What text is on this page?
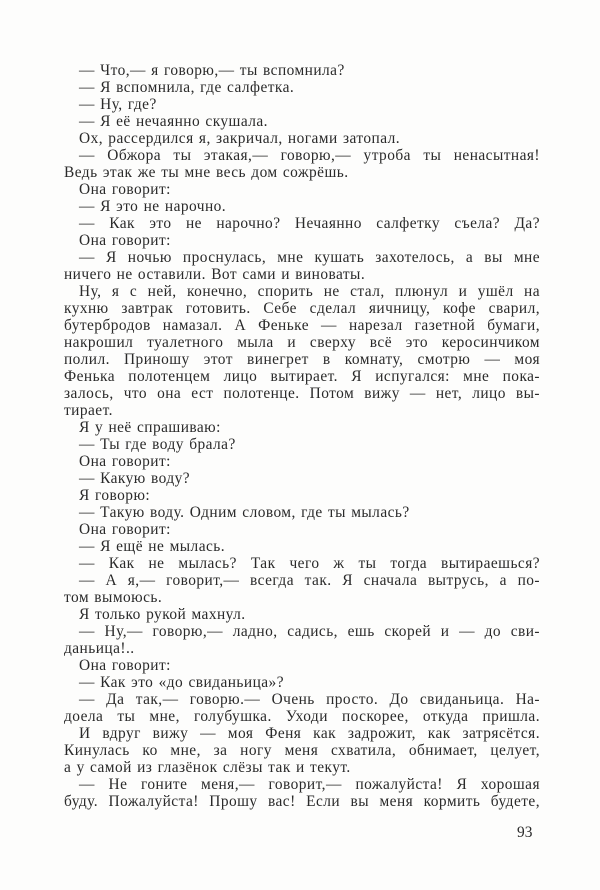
— Что,— я говорю,— ты вспомнила?
— Я вспомнила, где салфетка.
— Ну, где?
— Я её нечаянно скушала.
Ох, рассердился я, закричал, ногами затопал.
— Обжора ты этакая,— говорю,— утроба ты ненасытная!
Ведь этак же ты мне весь дом сожрёшь.
Она говорит:
— Я это не нарочно.
— Как это не нарочно? Нечаянно салфетку съела? Да?
Она говорит:
— Я ночью проснулась, мне кушать захотелось, а вы мне
ничего не оставили. Вот сами и виноваты.
Ну, я с ней, конечно, спорить не стал, плюнул и ушёл на
кухню завтрак готовить. Себе сделал яичницу, кофе сварил,
бутербродов намазал. А Феньке — нарезал газетной бумаги,
накрошил туалетного мыла и сверху всё это керосинчиком
полил. Приношу этот винегрет в комнату, смотрю — моя
Фенька полотенцем лицо вытирает. Я испугался: мне пока-
залось, что она ест полотенце. Потом вижу — нет, лицо вы-
тирает.
Я у неё спрашиваю:
— Ты где воду брала?
Она говорит:
— Какую воду?
Я говорю:
— Такую воду. Одним словом, где ты мылась?
Она говорит:
— Я ещё не мылась.
— Как не мылась? Так чего ж ты тогда вытираешься?
— А я,— говорит,— всегда так. Я сначала вытрусь, а по-
том вымоюсь.
Я только рукой махнул.
— Ну,— говорю,— ладно, садись, ешь скорей и — до сви-
даньица!..
Она говорит:
— Как это «до свиданьица»?
— Да так,— говорю.— Очень просто. До свиданьица. На-
доела ты мне, голубушка. Уходи поскорее, откуда пришла.
И вдруг вижу — моя Феня как задрожит, как затрясётся.
Кинулась ко мне, за ногу меня схватила, обнимает, целует,
а у самой из глазёнок слёзы так и текут.
— Не гоните меня,— говорит,— пожалуйста! Я хорошая
буду. Пожалуйста! Прошу вас! Если вы меня кормить будете,
93
